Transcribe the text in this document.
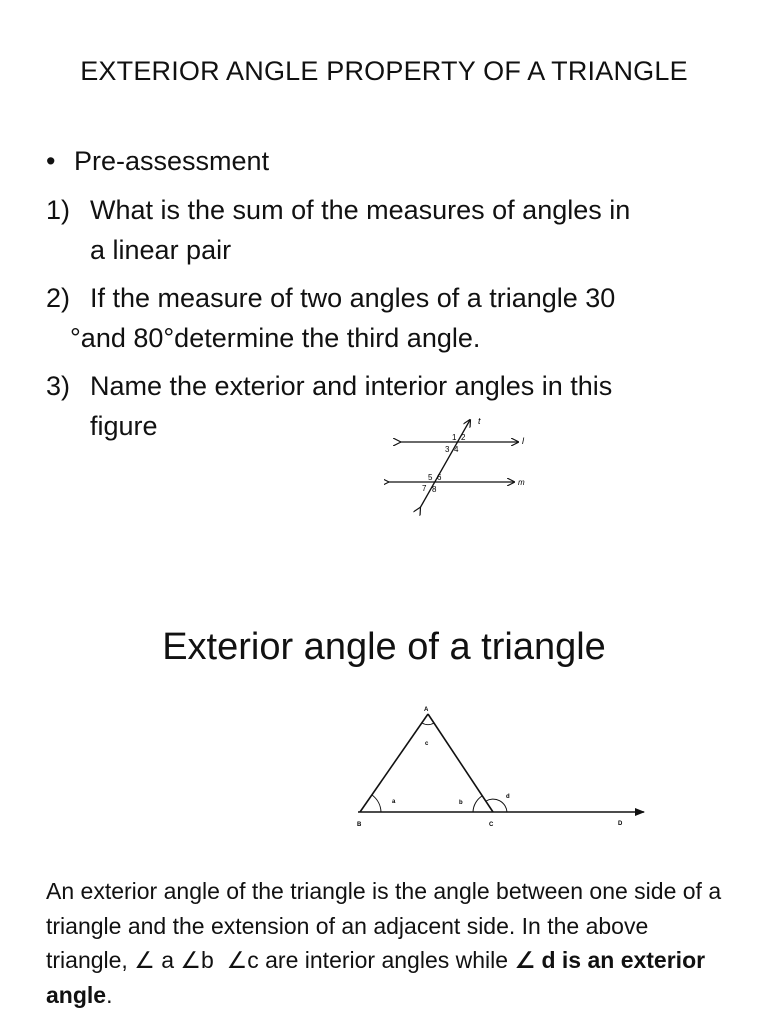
EXTERIOR ANGLE PROPERTY OF A TRIANGLE
• Pre-assessment
1) What is the sum of the measures of angles in
a linear pair
2) If the measure of two angles of a triangle 30
°and 80°determine the third angle.
3) Name the exterior and interior angles in this
figure	t
l
m
1 2
3 4
5 6
7 8
Exterior angle of a triangle
A
B	C	D
a	b
c
d
An exterior angle of the triangle is the angle between one side of a triangle and the extension of an adjacent side. In the above triangle, ∠ a ∠b ∠c are interior angles while ∠ d is an exterior angle.
